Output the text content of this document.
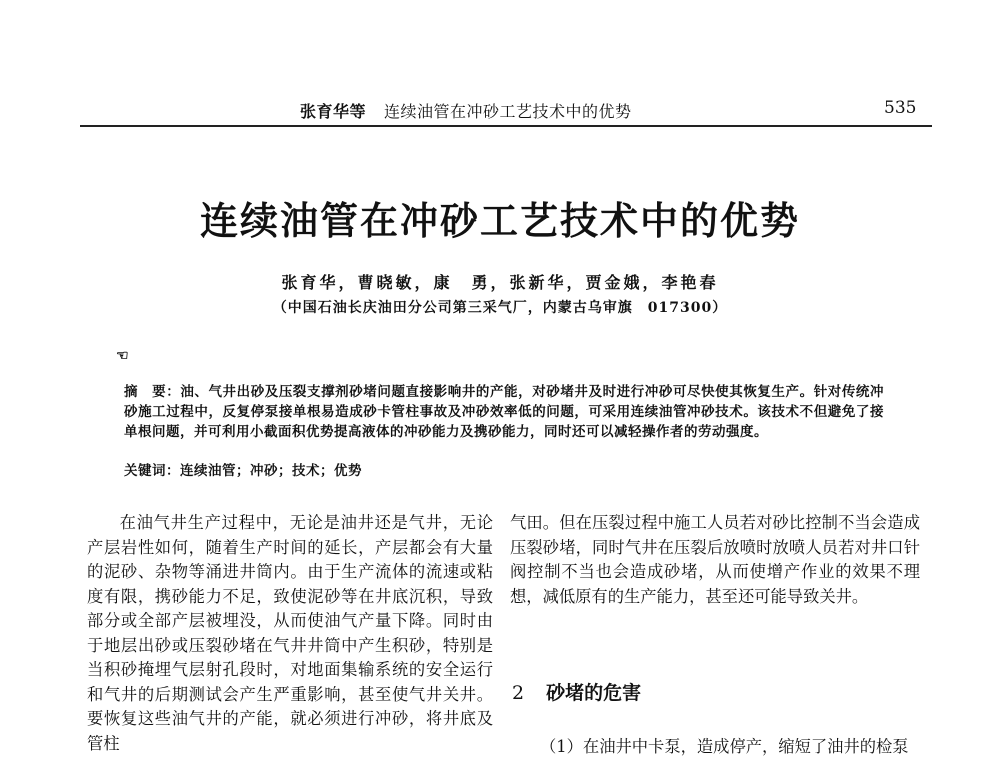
张育华等 连续油管在冲砂工艺技术中的优势	535
连续油管在冲砂工艺技术中的优势
张育华，曹晓敏，康　勇，张新华，贾金娥，李艳春
（中国石油长庆油田分公司第三采气厂，内蒙古乌审旗　017300）
☜
摘　要：油、气井出砂及压裂支撑剂砂堵问题直接影响井的产能，对砂堵井及时进行冲砂可尽快使其恢复生产。针对传统冲砂施工过程中，反复停泵接单根易造成砂卡管柱事故及冲砂效率低的问题，可采用连续油管冲砂技术。该技术不但避免了接单根问题，并可利用小截面积优势提高液体的冲砂能力及携砂能力，同时还可以减轻操作者的劳动强度。
关键词：连续油管；冲砂；技术；优势

在油气井生产过程中，无论是油井还是气井，无论产层岩性如何，随着生产时间的延长，产层都会有大量的泥砂、杂物等涌进井筒内。由于生产流体的流速或粘度有限，携砂能力不足，致使泥砂等在井底沉积，导致部分或全部产层被埋没，从而使油气产量下降。同时由于地层出砂或压裂砂堵在气井井筒中产生积砂，特别是当积砂掩埋气层射孔段时，对地面集输系统的安全运行和气井的后期测试会产生严重影响，甚至使气井关井。要恢复这些油气井的产能，就必须进行冲砂，将井底及管柱

气田。但在压裂过程中施工人员若对砂比控制不当会造成压裂砂堵，同时气井在压裂后放喷时放喷人员若对井口针阀控制不当也会造成砂堵，从而使增产作业的效果不理想，减低原有的生产能力，甚至还可能导致关井。

2 砂堵的危害
（1）在油井中卡泵，造成停产，缩短了油井的检泵
